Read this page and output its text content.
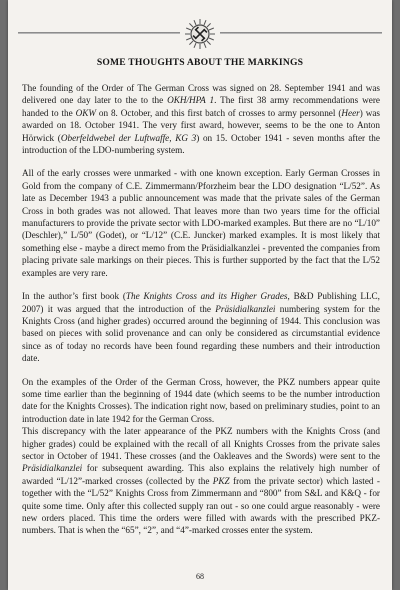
SOME THOUGHTS ABOUT THE MARKINGS

The founding of the Order of The German Cross was signed on 28. September 1941 and was delivered one day later to the to the OKH/HPA 1. The first 38 army recommendations were handed to the OKW on 8. October, and this first batch of crosses to army personnel (Heer) was awarded on 18. October 1941. The very first award, however, seems to be the one to Anton Hörwick (Oberfeldwebel der Luftwaffe, KG 3) on 15. October 1941 - seven months after the introduction of the LDO-numbering system.

All of the early crosses were unmarked - with one known exception. Early German Crosses in Gold from the company of C.E. Zimmermann/Pforzheim bear the LDO designation “L/52”. As late as December 1943 a public announcement was made that the private sales of the German Cross in both grades was not allowed. That leaves more than two years time for the official manufacturers to provide the private sector with LDO-marked examples. But there are no “L/10” (Deschler),” L/50” (Godet), or “L/12” (C.E. Juncker) marked examples. It is most likely that something else - maybe a direct memo from the Präsidialkanzlei - prevented the companies from placing private sale markings on their pieces. This is further supported by the fact that the L/52 examples are very rare.

In the author’s first book (The Knights Cross and its Higher Grades, B&D Publishing LLC, 2007) it was argued that the introduction of the Präsidialkanzlei numbering system for the Knights Cross (and higher grades) occurred around the beginning of 1944. This conclusion was based on pieces with solid provenance and can only be considered as circumstantial evidence since as of today no records have been found regarding these numbers and their introduction date.

On the examples of the Order of the German Cross, however, the PKZ numbers appear quite some time earlier than the beginning of 1944 date (which seems to be the number introduction date for the Knights Crosses). The indication right now, based on preliminary studies, point to an introduction date in late 1942 for the German Cross.

This discrepancy with the later appearance of the PKZ numbers with the Knights Cross (and higher grades) could be explained with the recall of all Knights Crosses from the private sales sector in October of 1941. These crosses (and the Oakleaves and the Swords) were sent to the Präsidialkanzlei for subsequent awarding. This also explains the relatively high number of awarded “L/12”-marked crosses (collected by the PKZ from the private sector) which lasted - together with the “L/52” Knights Cross from Zimmermann and “800” from S&L and K&Q - for quite some time. Only after this collected supply ran out - so one could argue reasonably - were new orders placed. This time the orders were filled with awards with the prescribed PKZ-numbers. That is when the “65”, “2”, and “4”-marked crosses enter the system.

68
